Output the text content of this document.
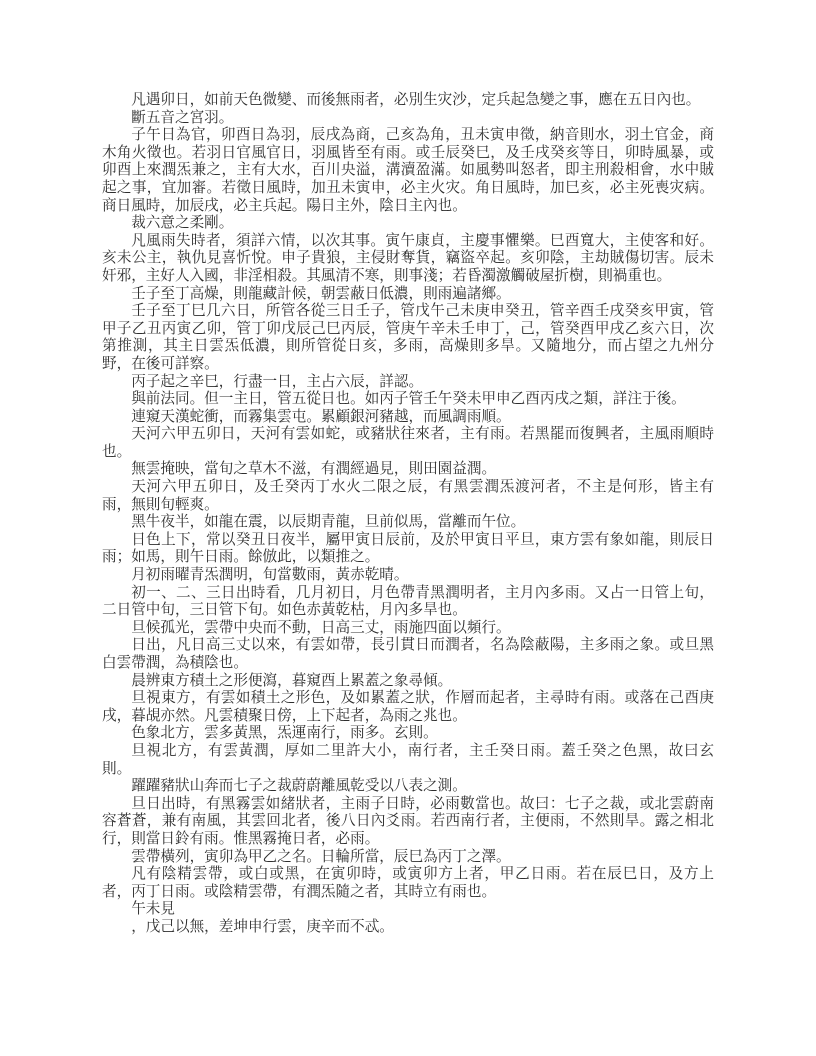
凡遇卯日，如前天色微變、而後無雨者，必別生灾沙，定兵起急變之事，應在五日內也。

斷五音之宮羽。

子午日為官，卯酉日為羽，辰戌為商，己亥為角，丑未寅申徵，納音則水，羽土官金，商木角火徵也。若羽日官風官日，羽風皆至有雨。或壬辰癸巳，及壬戌癸亥等日，卯時風暴，或卯酉上來潤炁兼之，主有大水，百川央溢，溝瀆盈滿。如風勢叫怒者，即主刑殺相會，水中賊起之事，宜加審。若徵日風時，加丑未寅申，必主火灾。角日風時，加巳亥，必主死喪灾病。商日風時，加辰戌，必主兵起。陽日主外，陰日主內也。

裁六意之柔剛。

凡風雨失時者，須詳六情，以次其事。寅午康貞，主慶事懼樂。巳酉寬大，主使客和好。亥未公主，執仇見喜忻悅。申子貴狼，主侵財奪貨，竊盜卒起。亥卯陰，主劫賊傷切害。辰未奸邪，主好人入國，非淫相殺。其風清不寒，則事淺；若昏濁激觸破屋折樹，則禍重也。

壬子至丁高燥，則龍藏計候，朝雲蔽日低濃，則雨遍諸鄉。

壬子至丁巳几六日，所管各從三日壬子，管戊午己未庚申癸丑，管辛酉壬戌癸亥甲寅，管甲子乙丑丙寅乙卯，管丁卯戊辰己巳丙辰，管庚午辛未壬申丁，己，管癸酉甲戌乙亥六日，次第推測，其主日雲炁低濃，則所管從日亥，多雨，高燥則多旱。又隨地分，而占望之九州分野，在後可詳察。

丙子起之辛巳，行盡一日，主占六辰，詳認。

與前法同。但一主日，管五從日也。如丙子管壬午癸未甲申乙酉丙戌之類，詳注于後。

連窺天漢蛇衝，而霧集雲屯。累顧銀河豬越，而風調雨順。

天河六甲五卯日，天河有雲如蛇，或豬狀往來者，主有雨。若黑罷而復興者，主風雨順時也。

無雲掩映，當旬之草木不滋，有潤經過見，則田園益潤。

天河六甲五卯日，及壬癸丙丁水火二限之辰，有黑雲潤炁渡河者，不主是何形，皆主有雨，無則旬輕爽。

黑牛夜半，如龍在震，以辰期青龍，旦前似馬，當離而午位。

日色上下，常以癸丑日夜半，屬甲寅日辰前，及於甲寅日平旦，東方雲有象如龍，則辰日雨；如馬，則午日雨。餘倣此，以類推之。

月初雨曜青炁潤明，旬當數雨，黃赤乾晴。

初一、二、三日出時看，几月初日，月色帶青黑潤明者，主月內多雨。又占一日管上旬，二日管中旬，三日管下旬。如色赤黃乾枯，月內多旱也。

旦候孤光，雲帶中央而不動，日高三丈，雨施四面以頻行。

日出，凡日高三丈以來，有雲如帶，長引貫日而潤者，名為陰蔽陽，主多雨之象。或旦黑白雲帶潤，為積陰也。

晨辨東方積土之形便瀉，暮窺酉上累蓋之象尋傾。

旦視東方，有雲如積土之形色，及如累蓋之狀，作層而起者，主尋時有雨。或落在己酉庚戌，暮覘亦然。凡雲積聚日傍，上下起者，為雨之兆也。

色象北方，雲多黃黑，炁運南行，雨多。玄則。

旦視北方，有雲黃潤，厚如二里許大小，南行者，主壬癸日雨。蓋壬癸之色黑，故曰玄則。

躍躍豬狀山奔而七子之裁蔚蔚離風乾受以八表之測。

旦日出時，有黑霧雲如緒狀者，主雨子日時，必雨數當也。故曰：七子之裁，或北雲蔚南容蒼蒼，兼有南風，其雲回北者，後八日內爻雨。若西南行者，主便雨，不然則旱。露之相北行，則當日鈴有雨。惟黑霧掩日者，必雨。

雲帶橫列，寅卯為甲乙之名。日輪所當，辰巳為丙丁之澤。

凡有陰精雲帶，或白或黑，在寅卯時，或寅卯方上者，甲乙日雨。若在辰巳日，及方上者，丙丁日雨。或陰精雲帶，有潤炁隨之者，其時立有雨也。

午未見

，戊己以無，差坤申行雲，庚辛而不忒。
